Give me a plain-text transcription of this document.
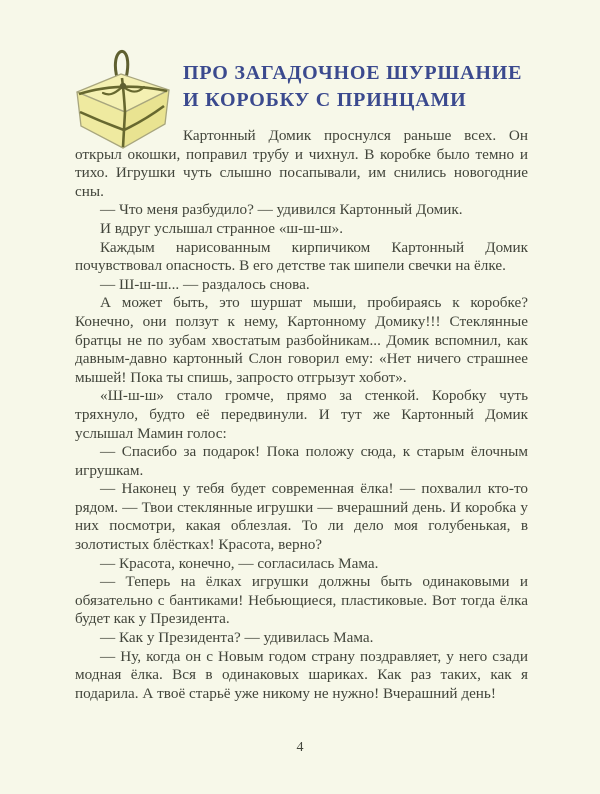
ПРО ЗАГАДОЧНОЕ ШУРШАНИЕ
И КОРОБКУ С ПРИНЦАМИ

Картонный Домик проснулся раньше всех. Он открыл окошки, поправил трубу и чихнул. В коробке было темно и тихо. Игрушки чуть слышно посапывали, им снились новогодние сны.

— Что меня разбудило? — удивился Картонный Домик.

И вдруг услышал странное «ш-ш-ш».

Каждым нарисованным кирпичиком Картонный Домик почувствовал опасность. В его детстве так шипели свечки на ёлке.

— Ш-ш-ш... — раздалось снова.

А может быть, это шуршат мыши, пробираясь к коробке? Конечно, они ползут к нему, Картонному Домику!!! Стеклянные братцы не по зубам хвостатым разбойникам... Домик вспомнил, как давным-давно картонный Слон говорил ему: «Нет ничего страшнее мышей! Пока ты спишь, запросто отгрызут хобот».

«Ш-ш-ш» стало громче, прямо за стенкой. Коробку чуть тряхнуло, будто её передвинули. И тут же Картонный Домик услышал Мамин голос:

— Спасибо за подарок! Пока положу сюда, к старым ёлочным игрушкам.

— Наконец у тебя будет современная ёлка! — похвалил кто-то рядом. — Твои стеклянные игрушки — вчерашний день. И коробка у них посмотри, какая облезлая. То ли дело моя голубенькая, в золотистых блёстках! Красота, верно?

— Красота, конечно, — согласилась Мама.

— Теперь на ёлках игрушки должны быть одинаковыми и обязательно с бантиками! Небьющиеся, пластиковые. Вот тогда ёлка будет как у Президента.

— Как у Президента? — удивилась Мама.

— Ну, когда он с Новым годом страну поздравляет, у него сзади модная ёлка. Вся в одинаковых шариках. Как раз таких, как я подарила. А твоё старьё уже никому не нужно! Вчерашний день!

4
